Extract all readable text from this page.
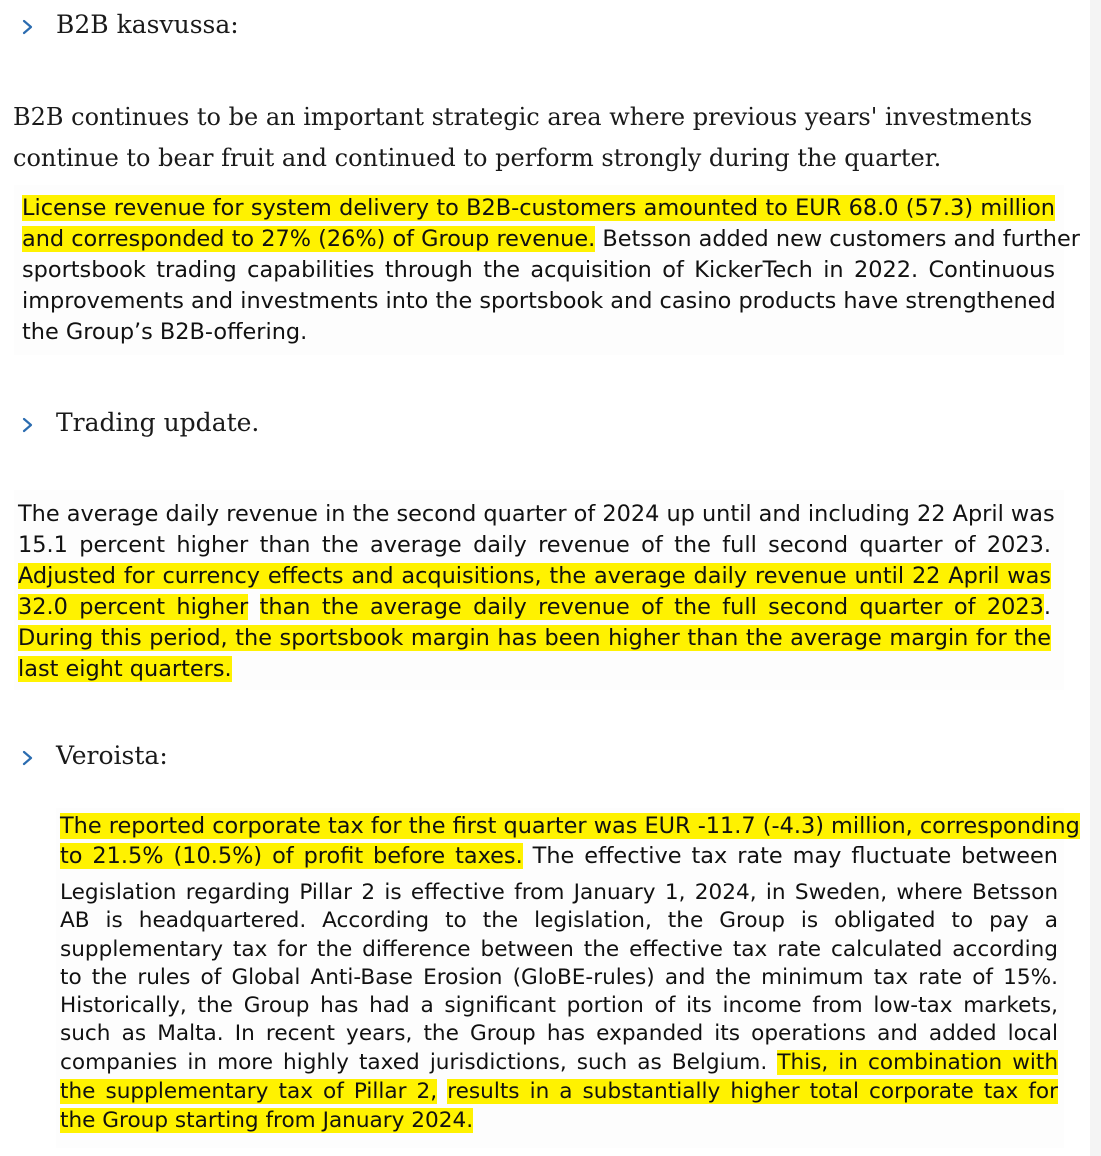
B2B kasvussa:
B2B continues to be an important strategic area where previous years' investments
continue to bear fruit and continued to perform strongly during the quarter.
License revenue for system delivery to B2B-customers amounted to EUR 68.0 (57.3) million
and corresponded to 27% (26%) of Group revenue. Betsson added new customers and further
sportsbook trading capabilities through the acquisition of KickerTech in 2022. Continuous
improvements and investments into the sportsbook and casino products have strengthened
the Group’s B2B-offering.
Trading update.
The average daily revenue in the second quarter of 2024 up until and including 22 April was
15.1 percent higher than the average daily revenue of the full second quarter of 2023.
Adjusted for currency effects and acquisitions, the average daily revenue until 22 April was
32.0 percent higher than the average daily revenue of the full second quarter of 2023.
During this period, the sportsbook margin has been higher than the average margin for the
last eight quarters.
Veroista:
The reported corporate tax for the first quarter was EUR -11.7 (-4.3) million, corresponding
to 21.5% (10.5%) of profit before taxes. The effective tax rate may fluctuate between
Legislation regarding Pillar 2 is effective from January 1, 2024, in Sweden, where Betsson
AB is headquartered. According to the legislation, the Group is obligated to pay a
supplementary tax for the difference between the effective tax rate calculated according
to the rules of Global Anti-Base Erosion (GloBE-rules) and the minimum tax rate of 15%.
Historically, the Group has had a significant portion of its income from low-tax markets,
such as Malta. In recent years, the Group has expanded its operations and added local
companies in more highly taxed jurisdictions, such as Belgium. This, in combination with
the supplementary tax of Pillar 2, results in a substantially higher total corporate tax for
the Group starting from January 2024.
